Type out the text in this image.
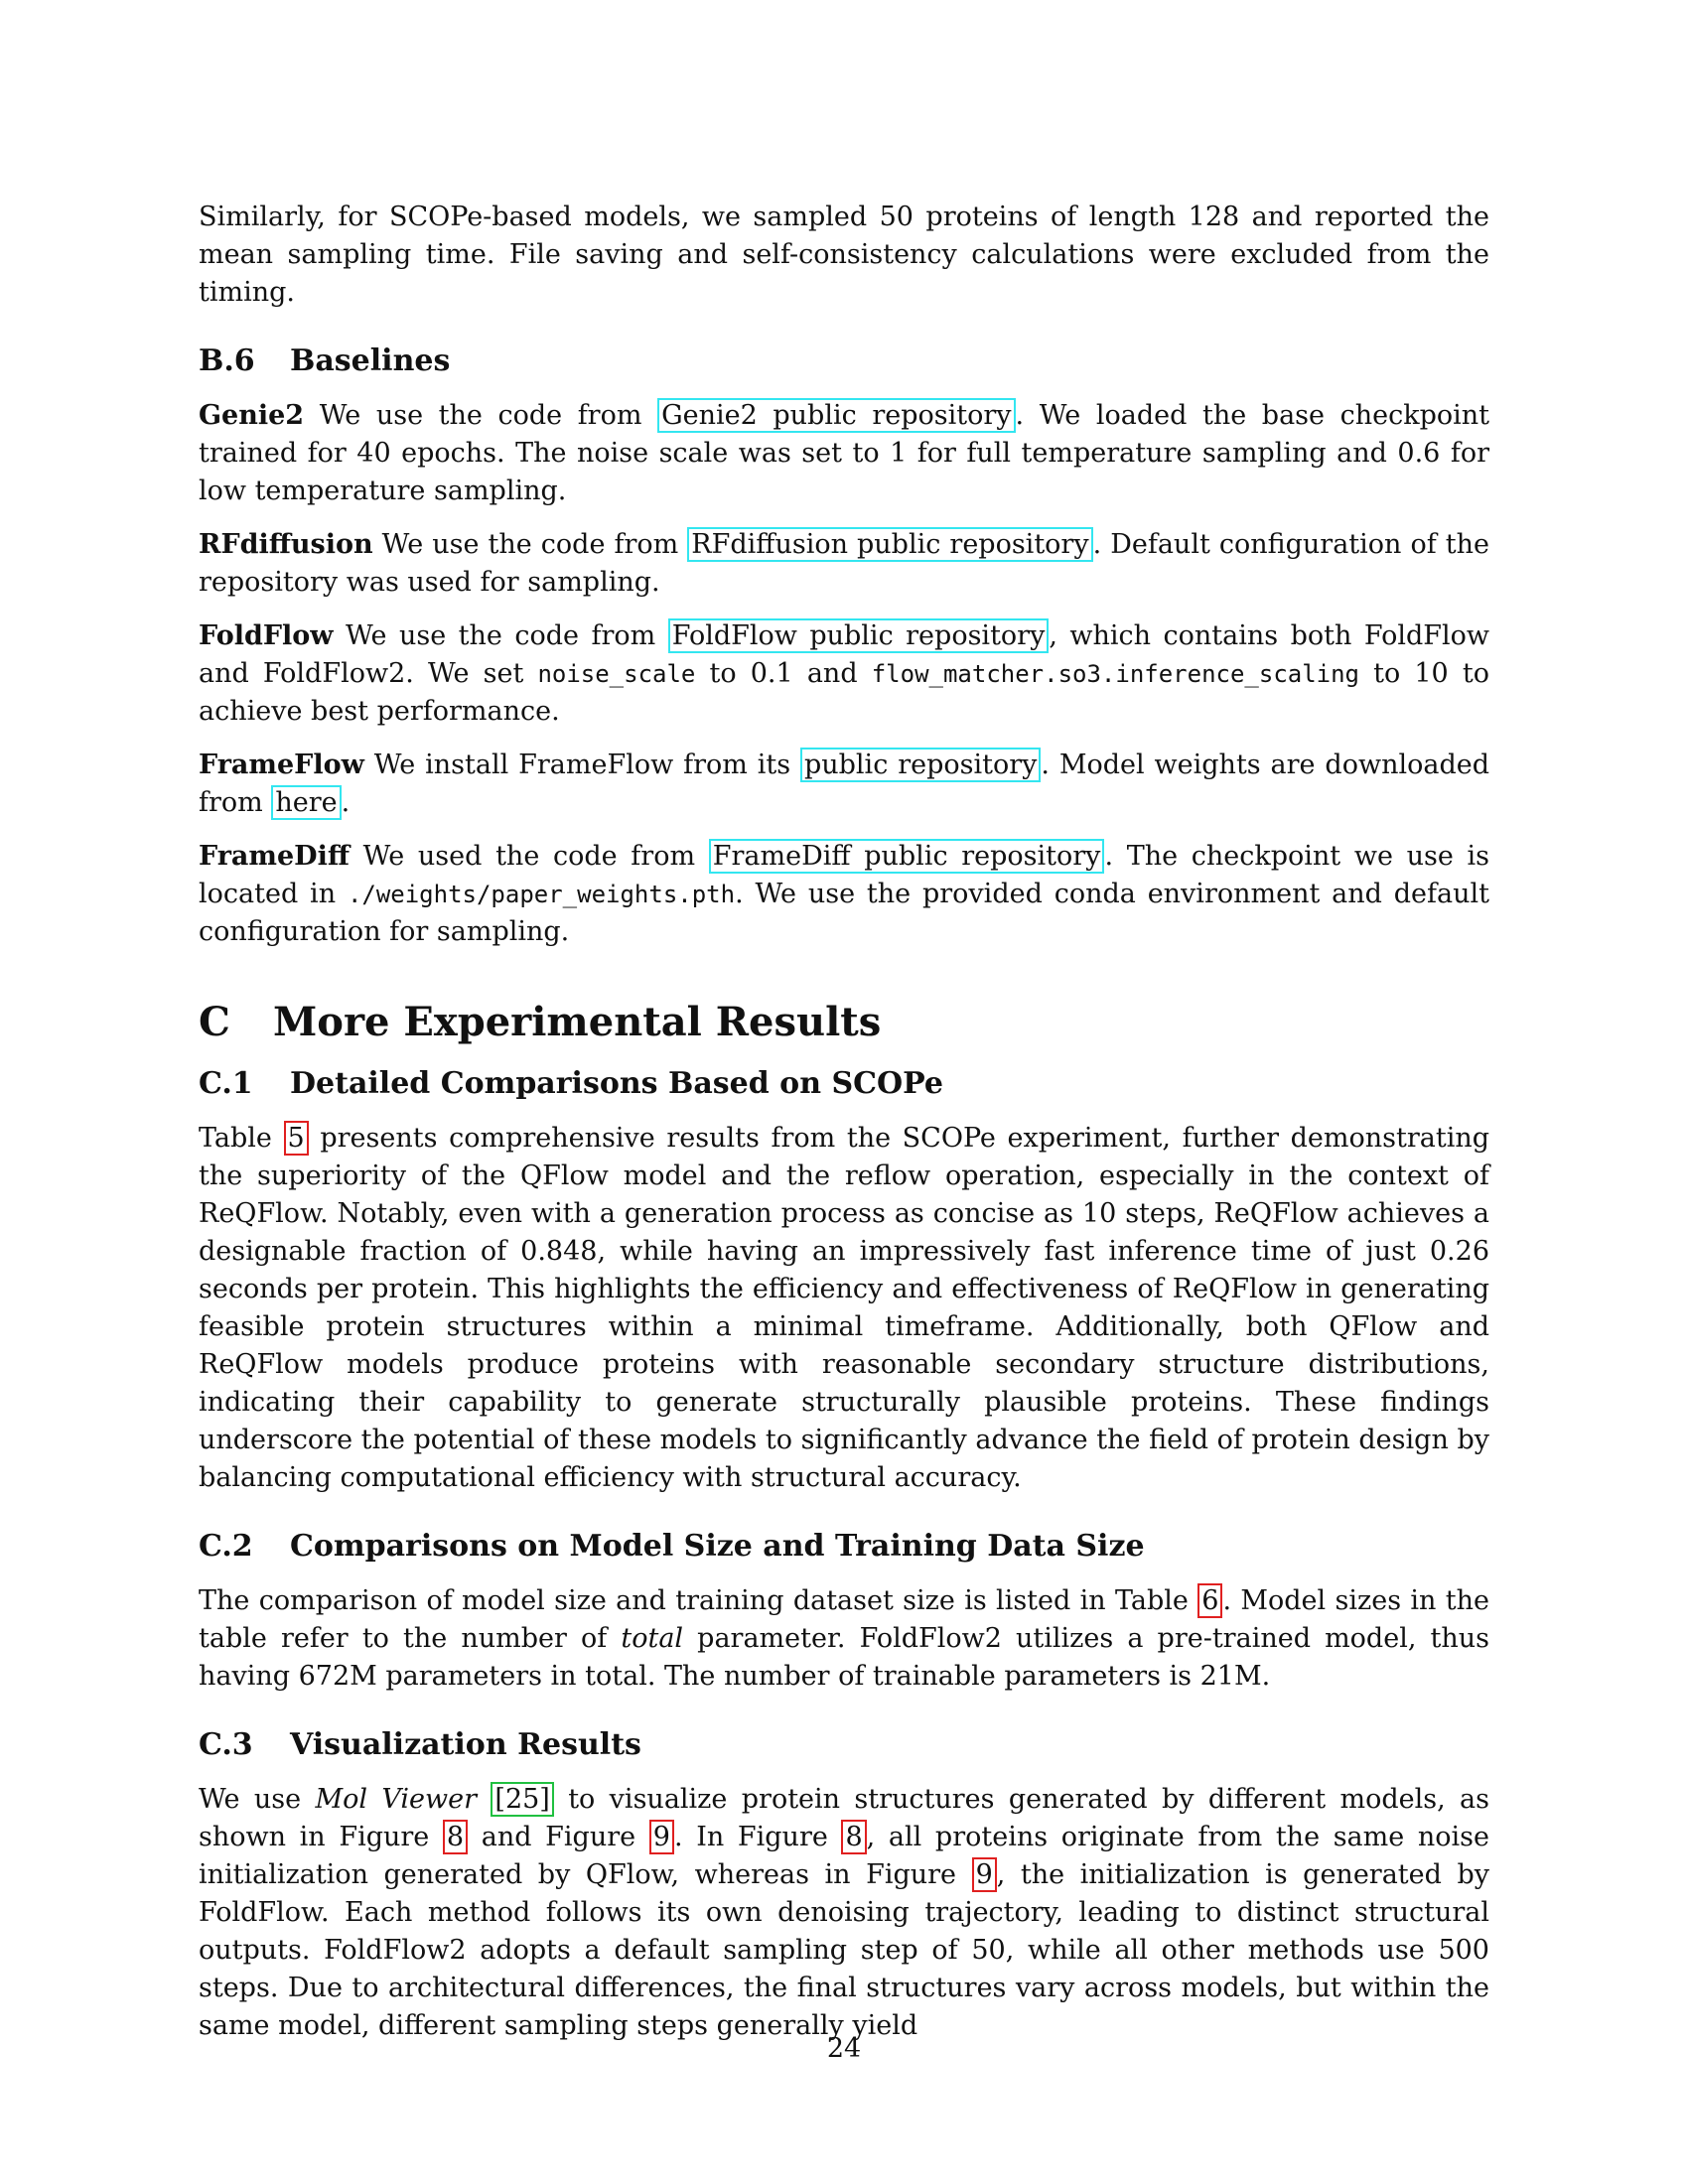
Similarly, for SCOPe-based models, we sampled 50 proteins of length 128 and reported the mean sampling time. File saving and self-consistency calculations were excluded from the timing.

B.6 Baselines

Genie2 We use the code from Genie2 public repository . We loaded the base checkpoint trained for 40 epochs. The noise scale was set to 1 for full temperature sampling and 0.6 for low temperature sampling.

RFdiffusion We use the code from RFdiffusion public repository . Default configuration of the repository was used for sampling.

FoldFlow We use the code from FoldFlow public repository , which contains both FoldFlow and FoldFlow2. We set noise_scale to 0.1 and flow_matcher.so3.inference_scaling to 10 to achieve best performance.

FrameFlow We install FrameFlow from its public repository . Model weights are downloaded from here .

FrameDiff We used the code from FrameDiff public repository . The checkpoint we use is located in ./weights/paper_weights.pth. We use the provided conda environment and default configuration for sampling.

C More Experimental Results
C.1 Detailed Comparisons Based on SCOPe

Table 5 presents comprehensive results from the SCOPe experiment, further demonstrating the superiority of the QFlow model and the reflow operation, especially in the context of ReQFlow. Notably, even with a generation process as concise as 10 steps, ReQFlow achieves a designable fraction of 0.848, while having an impressively fast inference time of just 0.26 seconds per protein. This highlights the efficiency and effectiveness of ReQFlow in generating feasible protein structures within a minimal timeframe. Additionally, both QFlow and ReQFlow models produce proteins with reasonable secondary structure distributions, indicating their capability to generate structurally plausible proteins. These findings underscore the potential of these models to significantly advance the field of protein design by balancing computational efficiency with structural accuracy.

C.2 Comparisons on Model Size and Training Data Size

The comparison of model size and training dataset size is listed in Table 6 . Model sizes in the table refer to the number of total parameter. FoldFlow2 utilizes a pre-trained model, thus having 672M parameters in total. The number of trainable parameters is 21M.

C.3 Visualization Results

We use Mol Viewer [25] to visualize protein structures generated by different models, as shown in Figure 8 and Figure 9 . In Figure 8 , all proteins originate from the same noise initialization generated by QFlow, whereas in Figure 9 , the initialization is generated by FoldFlow. Each method follows its own denoising trajectory, leading to distinct structural outputs. FoldFlow2 adopts a default sampling step of 50, while all other methods use 500 steps. Due to architectural differences, the final structures vary across models, but within the same model, different sampling steps generally yield

24
